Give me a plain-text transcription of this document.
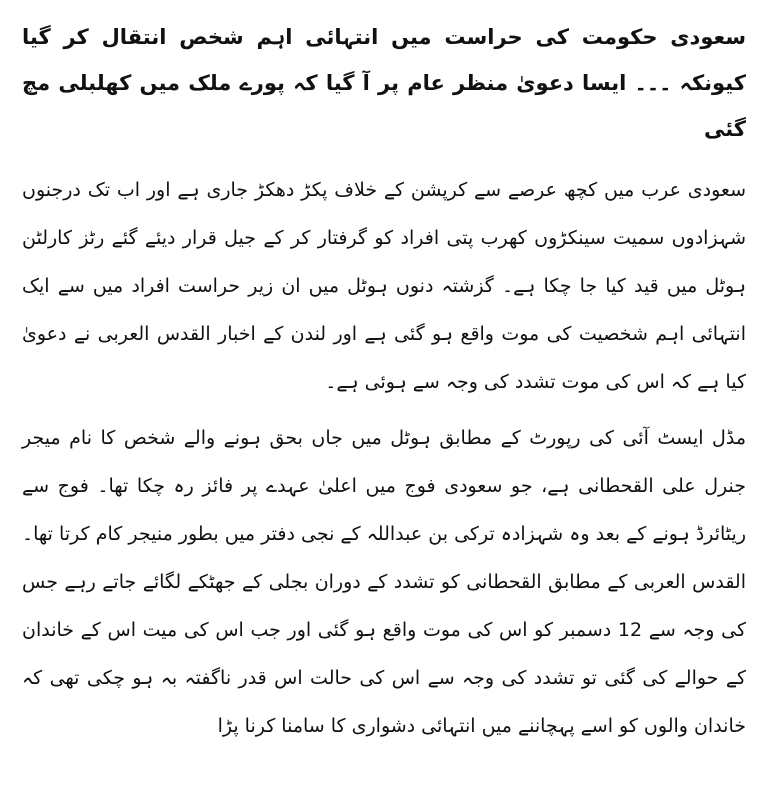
سعودی حکومت کی حراست میں انتہائی اہم شخص انتقال کر گیا کیونکہ ۔۔۔ ایسا دعویٰ منظر عام پر آ گیا کہ پورے ملک میں کھلبلی مچ گئی

سعودی عرب میں کچھ عرصے سے کرپشن کے خلاف پکڑ دھکڑ جاری ہے اور اب تک درجنوں شہزادوں سمیت سینکڑوں کھرب پتی افراد کو گرفتار کر کے جیل قرار دیئے گئے رٹز کارلٹن ہوٹل میں قید کیا جا چکا ہے۔ گزشتہ دنوں ہوٹل میں ان زیر حراست افراد میں سے ایک انتہائی اہم شخصیت کی موت واقع ہو گئی ہے اور لندن کے اخبار القدس العربی نے دعویٰ کیا ہے کہ اس کی موت تشدد کی وجہ سے ہوئی ہے۔

مڈل ایسٹ آئی کی رپورٹ کے مطابق ہوٹل میں جاں بحق ہونے والے شخص کا نام میجر جنرل علی القحطانی ہے، جو سعودی فوج میں اعلیٰ عہدے پر فائز رہ چکا تھا۔ فوج سے ریٹائرڈ ہونے کے بعد وہ شہزادہ ترکی بن عبداللہ کے نجی دفتر میں بطور منیجر کام کرتا تھا۔ القدس العربی کے مطابق القحطانی کو تشدد کے دوران بجلی کے جھٹکے لگائے جاتے رہے جس کی وجہ سے 12 دسمبر کو اس کی موت واقع ہو گئی اور جب اس کی میت اس کے خاندان کے حوالے کی گئی تو تشدد کی وجہ سے اس کی حالت اس قدر ناگفتہ بہ ہو چکی تھی کہ خاندان والوں کو اسے پہچاننے میں انتہائی دشواری کا سامنا کرنا پڑا
